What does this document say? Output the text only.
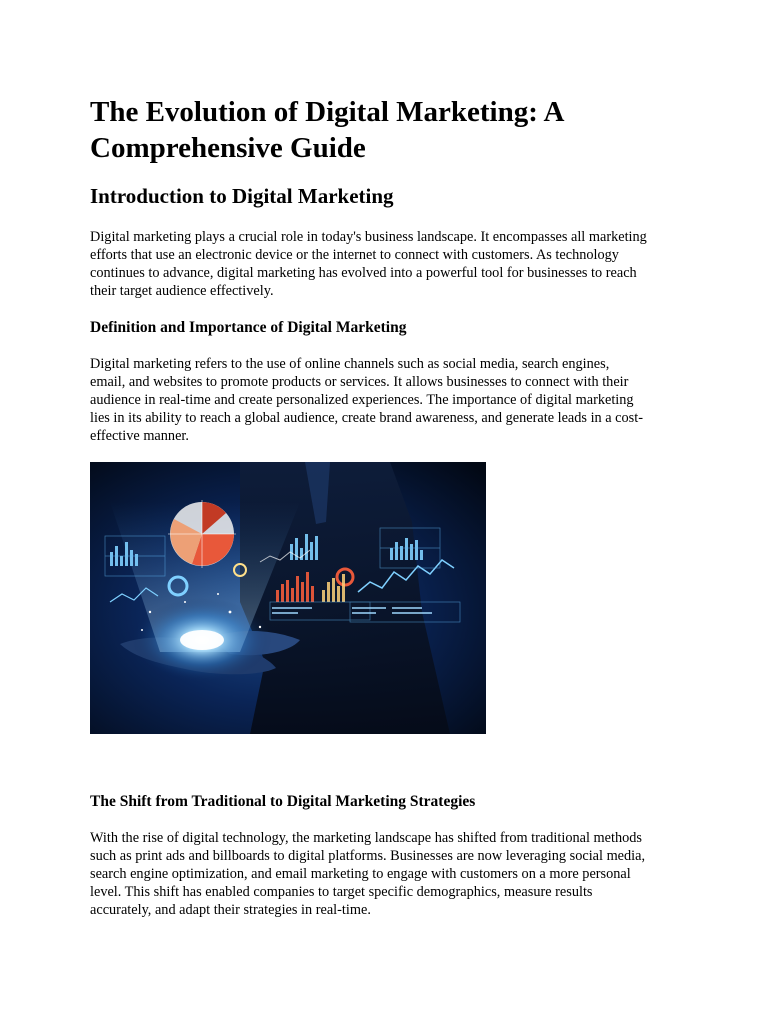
The Evolution of Digital Marketing: A
Comprehensive Guide
Introduction to Digital Marketing

Digital marketing plays a crucial role in today's business landscape. It encompasses all marketing
efforts that use an electronic device or the internet to connect with customers. As technology
continues to advance, digital marketing has evolved into a powerful tool for businesses to reach
their target audience effectively.

Definition and Importance of Digital Marketing

Digital marketing refers to the use of online channels such as social media, search engines,
email, and websites to promote products or services. It allows businesses to connect with their
audience in real-time and create personalized experiences. The importance of digital marketing
lies in its ability to reach a global audience, create brand awareness, and generate leads in a cost-
effective manner.

The Shift from Traditional to Digital Marketing Strategies

With the rise of digital technology, the marketing landscape has shifted from traditional methods
such as print ads and billboards to digital platforms. Businesses are now leveraging social media,
search engine optimization, and email marketing to engage with customers on a more personal
level. This shift has enabled companies to target specific demographics, measure results
accurately, and adapt their strategies in real-time.
